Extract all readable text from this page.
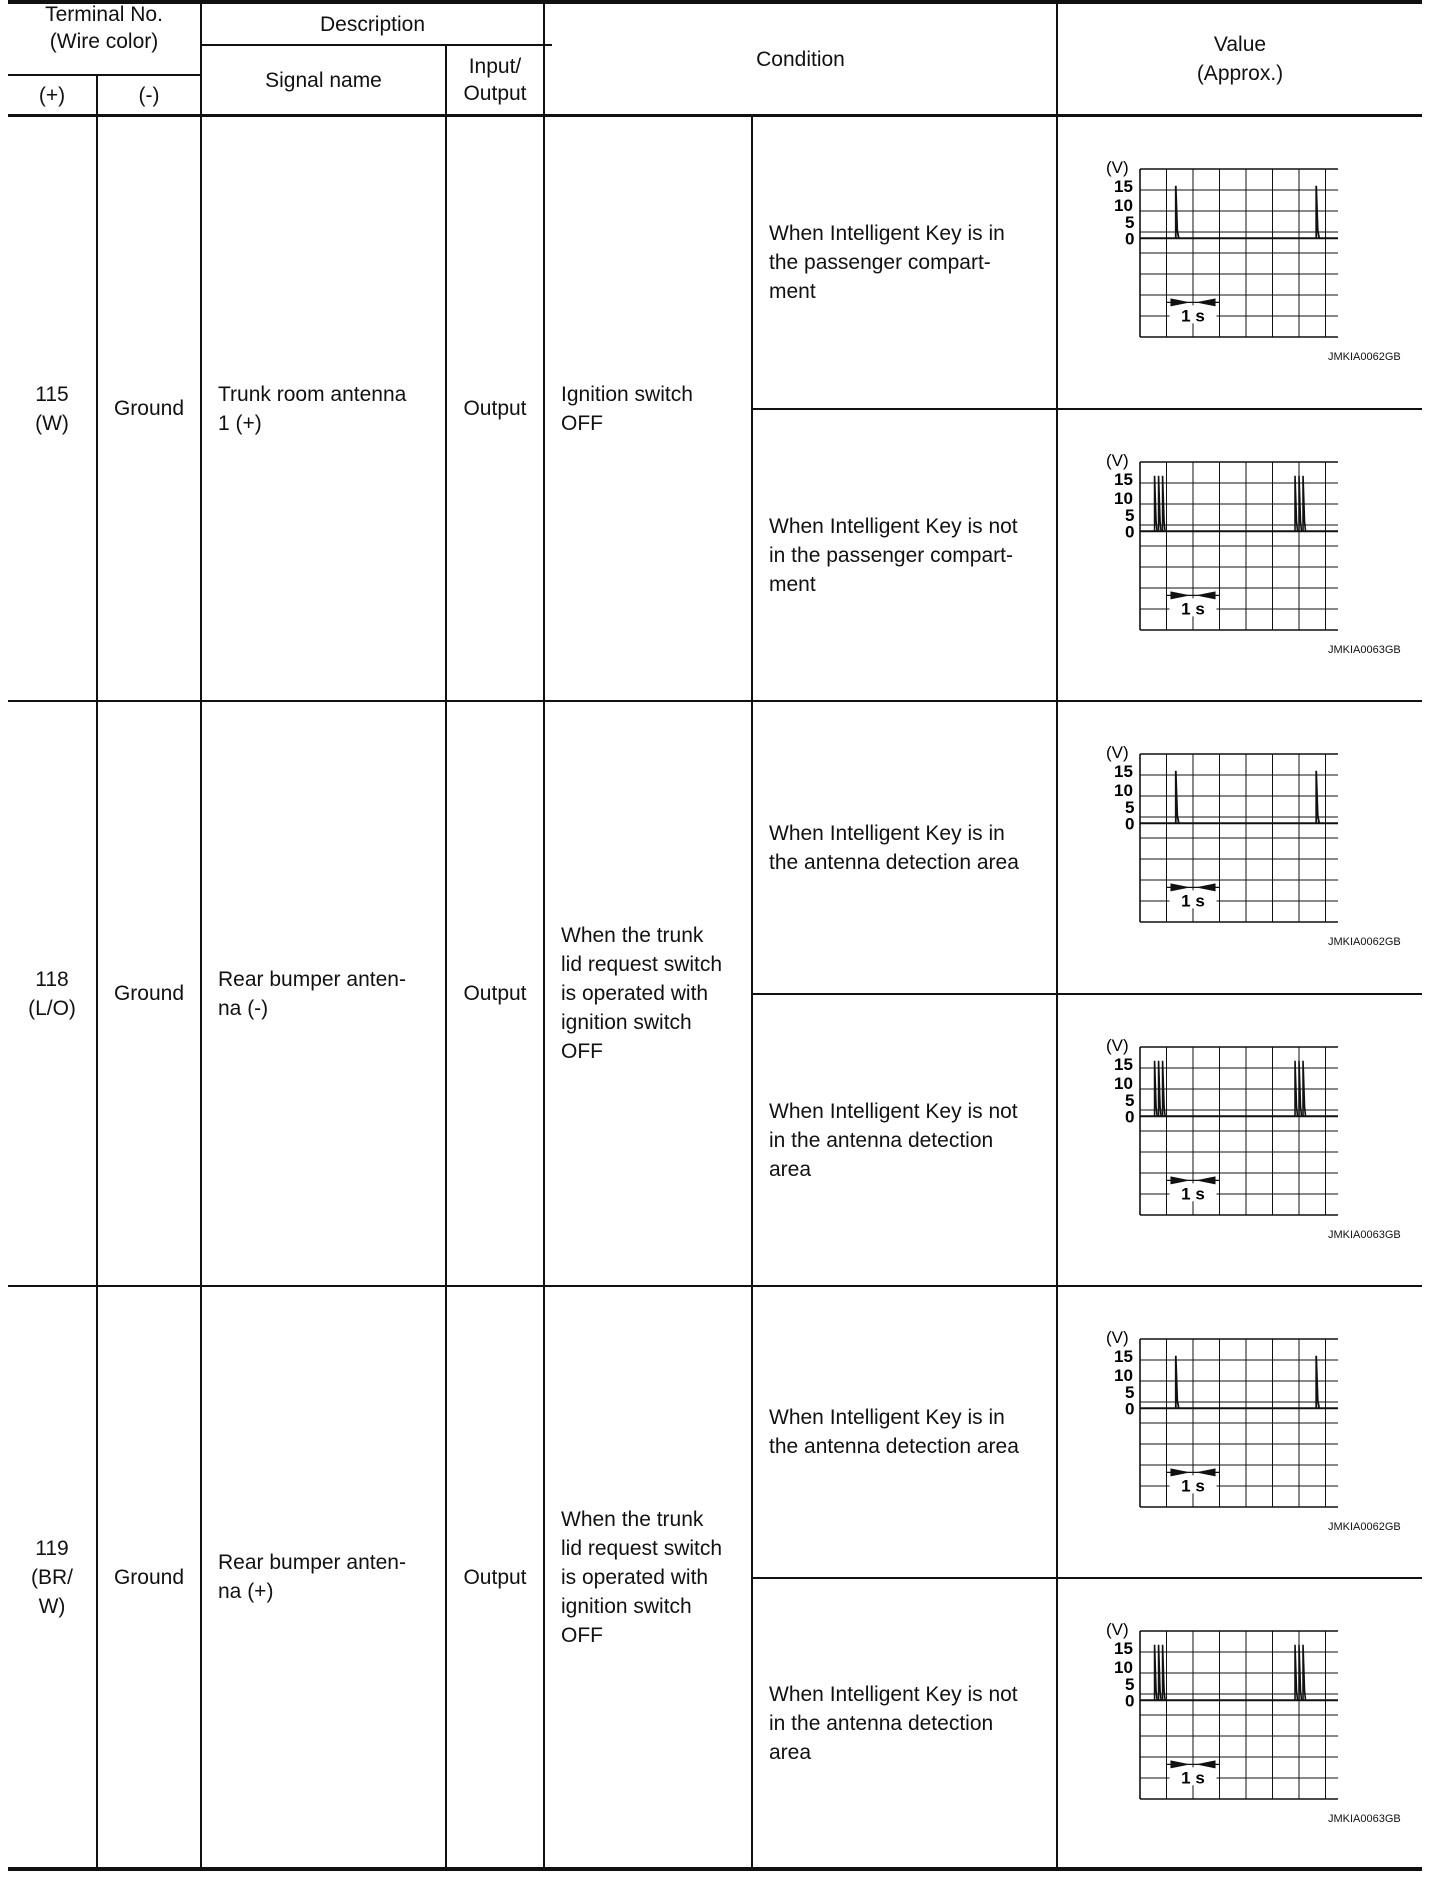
Terminal No.
(Wire color)
(+)	(-)
Description
Signal name
Input/
Output
Condition
Value
(Approx.)
115
(W)
Ground
Trunk room antenna
1 (+)
Output
Ignition switch
OFF
When Intelligent Key is in
the passenger compart-
ment
When Intelligent Key is not
in the passenger compart-
ment
118
(L/O)
Ground
Rear bumper anten-
na (-)
Output
When the trunk
lid request switch
is operated with
ignition switch
OFF
When Intelligent Key is in
the antenna detection area
When Intelligent Key is not
in the antenna detection
area
119
(BR/
W)
Ground
Rear bumper anten-
na (+)
Output
When the trunk
lid request switch
is operated with
ignition switch
OFF
When Intelligent Key is in
the antenna detection area
When Intelligent Key is not
in the antenna detection
area
(V)
15
10
5
0
1 s
JMKIA0062GB
(V)
15
10
5
0
1 s
JMKIA0063GB
(V)
15
10
5
0
1 s
JMKIA0062GB
(V)
15
10
5
0
1 s
JMKIA0063GB
(V)
15
10
5
0
1 s
JMKIA0062GB
(V)
15
10
5
0
1 s
JMKIA0063GB
